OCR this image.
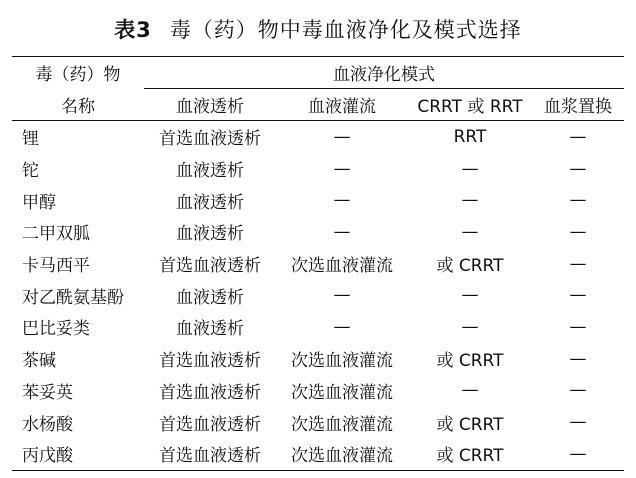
表3 毒（药）物中毒血液净化及模式选择
毒（药）物	血液净化模式			
名称	血液透析	血液灌流	CRRT 或 RRT	血浆置换
锂	首选血液透析	—	RRT	—
铊	血液透析	—	—	—
甲醇	血液透析	—	—	—
二甲双胍	血液透析	—	—	—
卡马西平	首选血液透析	次选血液灌流	或 CRRT	—
对乙酰氨基酚	血液透析	—	—	—
巴比妥类	血液透析	—	—	—
茶碱	首选血液透析	次选血液灌流	或 CRRT	—
苯妥英	首选血液透析	次选血液灌流	—	—
水杨酸	首选血液透析	次选血液灌流	或 CRRT	—
丙戊酸	首选血液透析	次选血液灌流	或 CRRT	—
